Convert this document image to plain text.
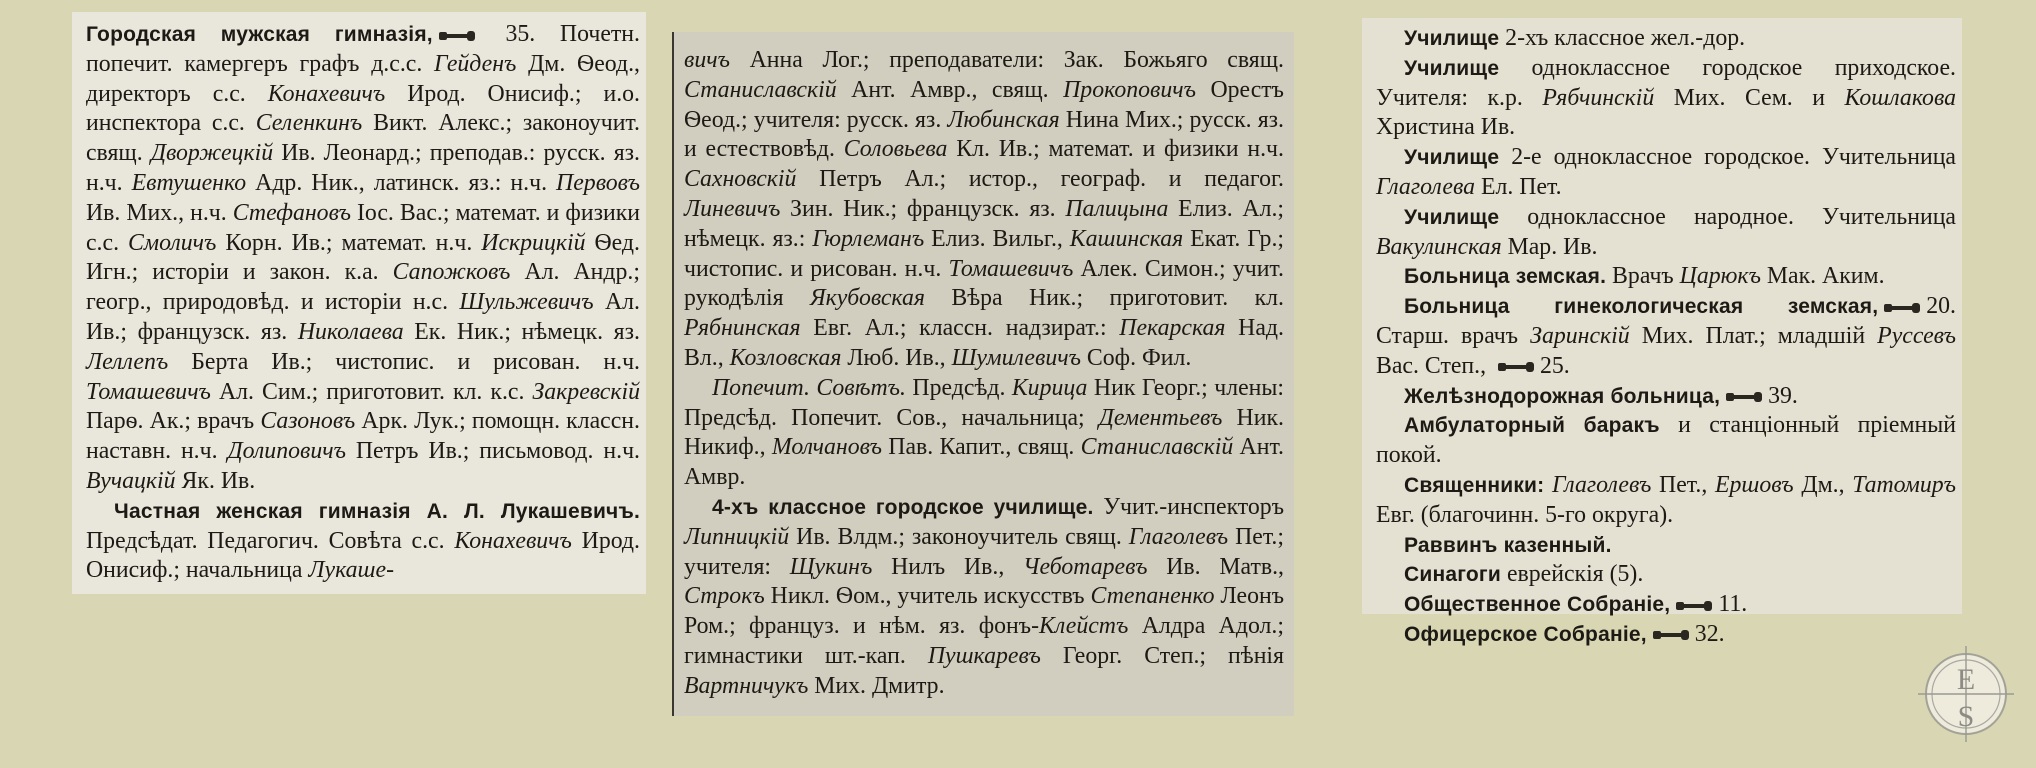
Городская мужская гимназія,
35. Почетн. попечит. камергеръ графъ д.с.с. Гейденъ Дм. Ѳеод., директоръ с.с. Конахевичъ Ирод. Онисиф.; и.о. инспектора с.с. Селенкинъ Викт. Алекс.; законоучит. свящ. Дворжецкій Ив. Леонард.; преподав.: русск. яз. н.ч. Евтушенко Адр. Ник., латинск. яз.: н.ч. Первовъ Ив. Мих., н.ч. Стефановъ Іос. Вас.; математ. и физики с.с. Смоличъ Корн. Ив.; математ. н.ч. Искрицкій Ѳед. Игн.; исторіи и закон. к.а. Сапожковъ Ал. Андр.; геогр., природовѣд. и исторіи н.с. Шульжевичъ Ал. Ив.; французск. яз. Николаева Ек. Ник.; нѣмецк. яз. Леллепъ Берта Ив.; чистопис. и рисован. н.ч. Томашевичъ Ал. Сим.; приготовит. кл. к.с. Закревскій Парѳ. Ак.; врачъ Сазоновъ Арк. Лук.; помощн. классн. наставн. н.ч. Долиповичъ Петръ Ив.; письмовод. н.ч. Вучацкій Як. Ив.

Частная женская гимназія А. Л. Лукашевичъ. Предсѣдат. Педагогич. Совѣта с.с. Конахевичъ Ирод. Онисиф.; начальница Лукаше-

вичъ Анна Лог.; преподаватели: Зак. Божьяго свящ. Станиславскій Ант. Амвр., свящ. Прокоповичъ Орестъ Ѳеод.; учителя: русск. яз. Любинская Нина Мих.; русск. яз. и естествовѣд. Соловьева Кл. Ив.; математ. и физики н.ч. Сахновскій Петръ Ал.; истор., географ. и педагог. Линевичъ Зин. Ник.; французск. яз. Палицына Елиз. Ал.; нѣмецк. яз.: Гюрлеманъ Елиз. Вильг., Кашинская Екат. Гр.; чистопис. и рисован. н.ч. Томашевичъ Алек. Симон.; учит. рукодѣлія Якубовская Вѣра Ник.; приготовит. кл. Рябнинская Евг. Ал.; классн. надзират.: Пекарская Над. Вл., Козловская Люб. Ив., Шумилевичъ Соф. Фил.

Попечит. Совѣтъ. Предсѣд. Кирица Ник Георг.; члены: Предсѣд. Попечит. Сов., начальница; Дементьевъ Ник. Никиф., Молчановъ Пав. Капит., свящ. Станиславскій Ант. Амвр.

4-хъ классное городское училище. Учит.-инспекторъ Липницкій Ив. Влдм.; законоучитель свящ. Глаголевъ Пет.; учителя: Щукинъ Нилъ Ив., Чеботаревъ Ив. Матв., Строкъ Никл. Ѳом., учитель искусствъ Степаненко Леонъ Ром.; француз. и нѣм. яз. фонъ-Клейстъ Алдра Адол.; гимнастики шт.-кап. Пушкаревъ Георг. Степ.; пѣнія Вартничукъ Мих. Дмитр.

Училище 2-хъ классное жел.-дор.

Училище одноклассное городское приходское. Учителя: к.р. Рябчинскій Мих. Сем. и Кошлакова Христина Ив.

Училище 2-е одноклассное городское. Учительница Глаголева Ел. Пет.

Училище одноклассное народное. Учительница Вакулинская Мар. Ив.

Больница земская. Врачъ Царюкъ Мак. Аким.

Больница гинекологическая земская, 20. Старш. врачъ Заринскій Мих. Плат.; младшій Руссевъ Вас. Степ.,
25.

Желѣзнодорожная больница, 39.

Амбулаторный баракъ и станціонный пріемный покой.

Священники: Глаголевъ Пет., Ершовъ Дм., Татомиръ Евг. (благочинн. 5-го округа).

Раввинъ казенный.

Синагоги еврейскія (5).

Общественное Собраніе, 11.

Офицерское Собраніе, 32.

E
S
